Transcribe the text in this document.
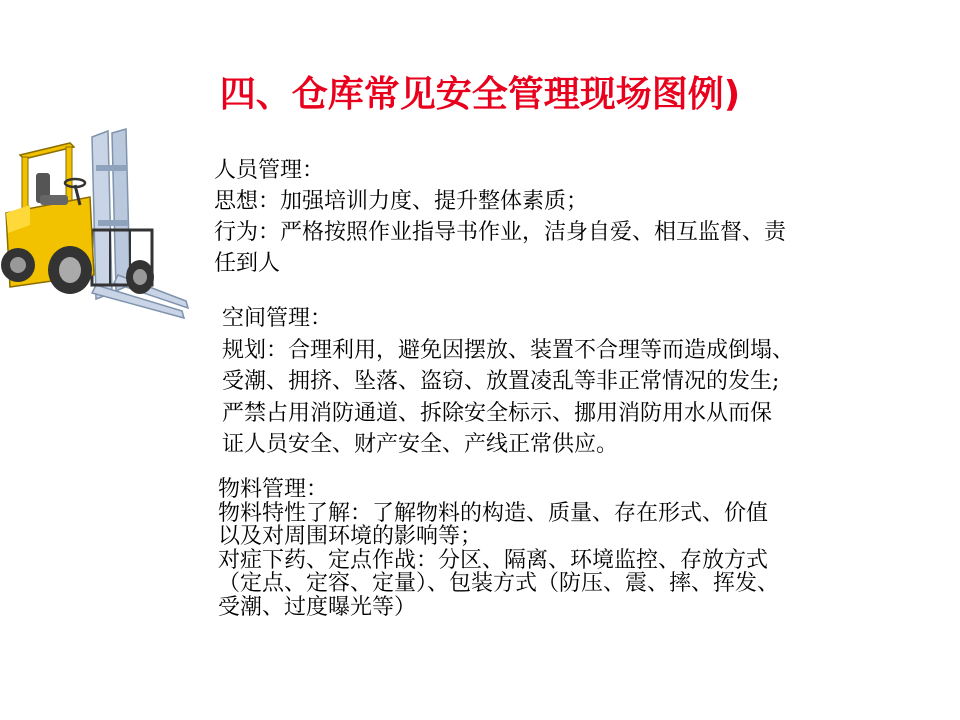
四、仓库常见安全管理现场图例)
人员管理：
思想：加强培训力度、提升整体素质；
行为：严格按照作业指导书作业，洁身自爱、相互监督、责
任到人
空间管理：
规划：合理利用，避免因摆放、装置不合理等而造成倒塌、
受潮、拥挤、坠落、盗窃、放置凌乱等非正常情况的发生;
严禁占用消防通道、拆除安全标示、挪用消防用水从而保
证人员安全、财产安全、产线正常供应。
物料管理：
物料特性了解：了解物料的构造、质量、存在形式、价值
以及对周围环境的影响等；
对症下药、定点作战：分区、隔离、环境监控、存放方式
（定点、定容、定量）、包装方式（防压、震、摔、挥发、
受潮、过度曝光等）
